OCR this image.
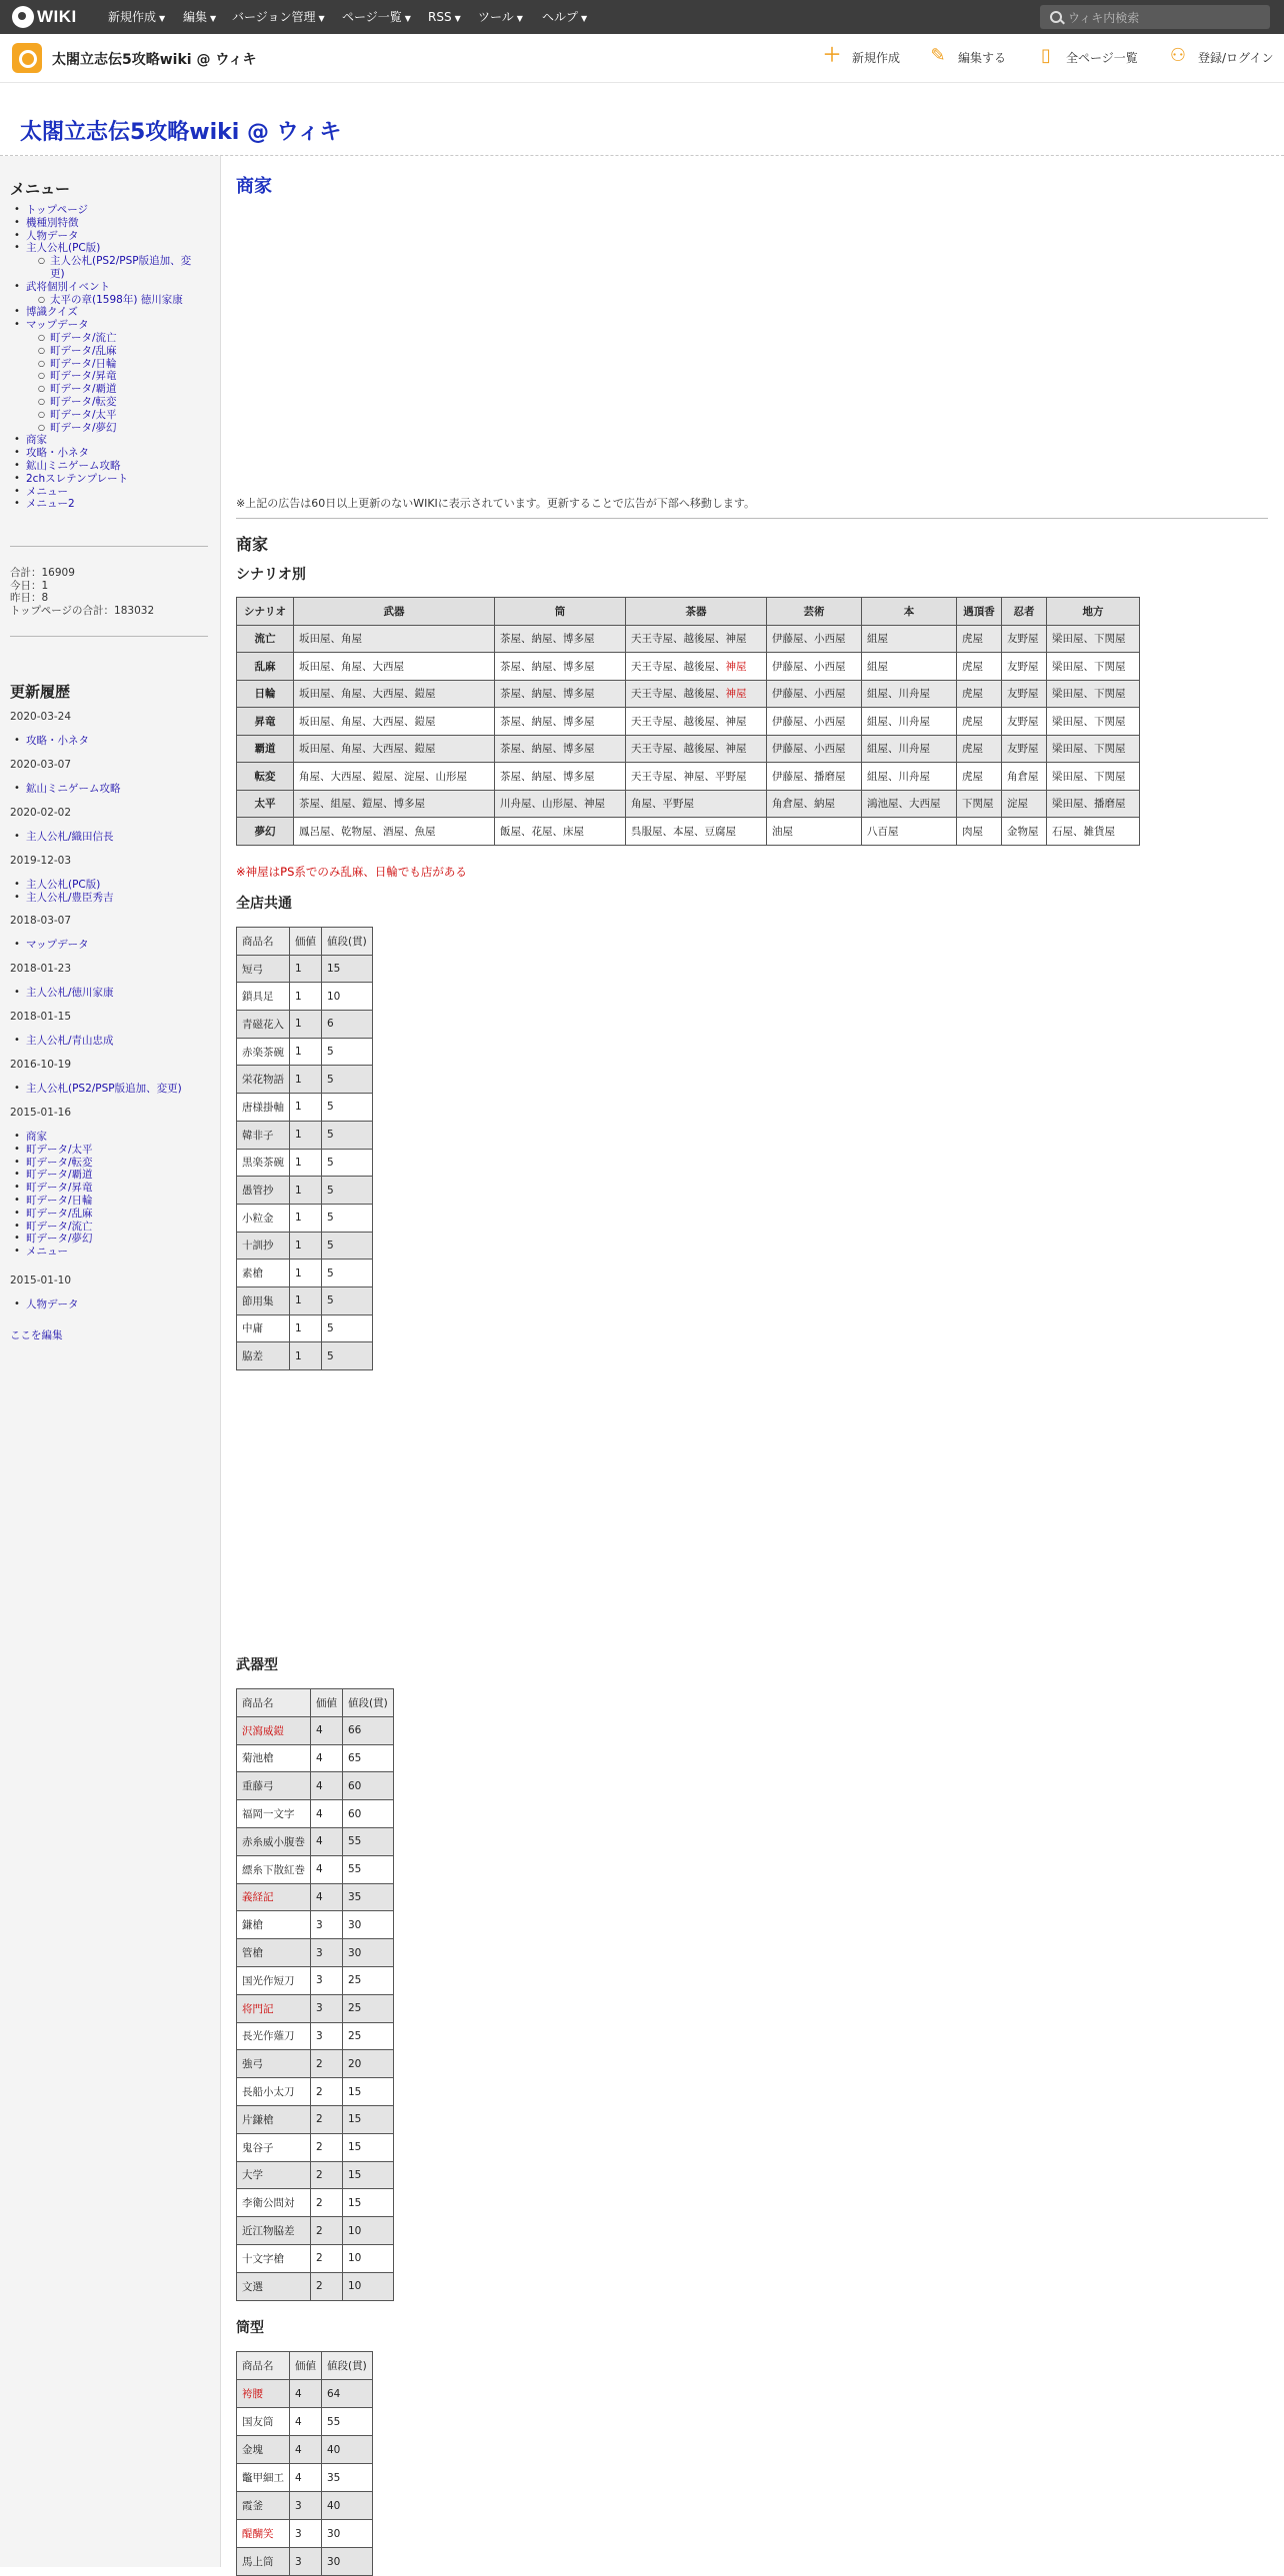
WIKI	新規作成 ▼ 編集 ▼ バージョン管理 ▼ ページ一覧 ▼ RSS ▼ ツール ▼ ヘルプ ▼	ウィキ内検索
太閤立志伝5攻略wiki @ ウィキ	＋ 新規作成 ✎ 編集する ▯	全ページ一覧 ⚇ 登録/ログイン
太閤立志伝5攻略wiki @ ウィキ
メニュー
• トップページ
• 機種別特徴
• 人物データ
• 主人公札(PC版)
○ 主人公札(PS2/PSP版追加、変
更)
• 武将個別イベント
○ 太平の章(1598年) 徳川家康
• 博識クイズ
• マップデータ
○ 町データ/流亡
○ 町データ/乱麻
○ 町データ/日輪
○ 町データ/昇竜
○ 町データ/覇道
○ 町データ/転変
○ 町データ/太平
○ 町データ/夢幻
• 商家
• 攻略・小ネタ
• 鉱山ミニゲーム攻略
• 2chスレテンプレート
• メニュー
• メニュー2
合計：16909
今日：1
昨日：8
トップページの合計：183032
更新履歴
2020-03-24
• 攻略・小ネタ
2020-03-07
• 鉱山ミニゲーム攻略
2020-02-02
• 主人公札/織田信長
2019-12-03
• 主人公札(PC版)
• 主人公札/豊臣秀吉
2018-03-07
• マップデータ
2018-01-23
• 主人公札/徳川家康
2018-01-15
• 主人公札/青山忠成
2016-10-19
• 主人公札(PS2/PSP版追加、変更)
2015-01-16
• 商家
• 町データ/太平
• 町データ/転変
• 町データ/覇道
• 町データ/昇竜
• 町データ/日輪
• 町データ/乱麻
• 町データ/流亡
• 町データ/夢幻
• メニュー
2015-01-10
• 人物データ
ここを編集
商家
※上記の広告は60日以上更新のないWIKIに表示されています。更新することで広告が下部へ移動します。
商家
シナリオ別
シナリオ	武器	筒	茶器	芸術	本	遇頂香	忍者	地方
流亡	坂田屋、角屋	茶屋、納屋、博多屋	天王寺屋、越後屋、神屋	伊藤屋、小西屋	組屋	虎屋	友野屋	梁田屋、下関屋
乱麻	坂田屋、角屋、大西屋	茶屋、納屋、博多屋	天王寺屋、越後屋、神屋	伊藤屋、小西屋	組屋	虎屋	友野屋	梁田屋、下関屋
日輪	坂田屋、角屋、大西屋、鎧屋	茶屋、納屋、博多屋	天王寺屋、越後屋、神屋	伊藤屋、小西屋	組屋、川舟屋	虎屋	友野屋	梁田屋、下関屋
昇竜	坂田屋、角屋、大西屋、鎧屋	茶屋、納屋、博多屋	天王寺屋、越後屋、神屋	伊藤屋、小西屋	組屋、川舟屋	虎屋	友野屋	梁田屋、下関屋
覇道	坂田屋、角屋、大西屋、鎧屋	茶屋、納屋、博多屋	天王寺屋、越後屋、神屋	伊藤屋、小西屋	組屋、川舟屋	虎屋	友野屋	梁田屋、下関屋
転変	角屋、大西屋、鎧屋、淀屋、山形屋	茶屋、納屋、博多屋	天王寺屋、神屋、平野屋	伊藤屋、播磨屋	組屋、川舟屋	虎屋	角倉屋	梁田屋、下関屋
太平	茶屋、組屋、鎧屋、博多屋	川舟屋、山形屋、神屋	角屋、平野屋	角倉屋、納屋	鴻池屋、大西屋	下関屋	淀屋	梁田屋、播磨屋
夢幻	鳳呂屋、乾物屋、酒屋、魚屋	飯屋、花屋、床屋	呉服屋、本屋、豆腐屋	油屋	八百屋	肉屋	金物屋	石屋、雑貨屋
※神屋はPS系でのみ乱麻、日輪でも店がある
全店共通
商品名	価値	値段(貫)
短弓	1	15
鎖具足	1	10
青磁花入	1	6
赤楽茶碗	1	5
栄花物語	1	5
唐様掛軸	1	5
韓非子	1	5
黒楽茶碗	1	5
愚管抄	1	5
小粒金	1	5
十訓抄	1	5
素槍	1	5
節用集	1	5
中庸	1	5
脇差	1	5
武器型
商品名	価値	値段(貫)
沢瀉威鎧	4	66
菊池槍	4	65
重藤弓	4	60
福岡一文字	4	60
赤糸威小腹巻	4	55
縹糸下散紅巻	4	55
義経記	4	35
鎌槍	3	30
管槍	3	30
国光作短刀	3	25
将門記	3	25
長光作薙刀	3	25
強弓	2	20
長船小太刀	2	15
片鎌槍	2	15
鬼谷子	2	15
大学	2	15
李衛公問対	2	15
近江物脇差	2	10
十文字槍	2	10
文選	2	10
筒型
商品名	価値	値段(貫)
袴腰	4	64
国友筒	4	55
金塊	4	40
鼈甲細工	4	35
霞釜	3	40
醍醐笑	3	30
馬上筒	3	30
